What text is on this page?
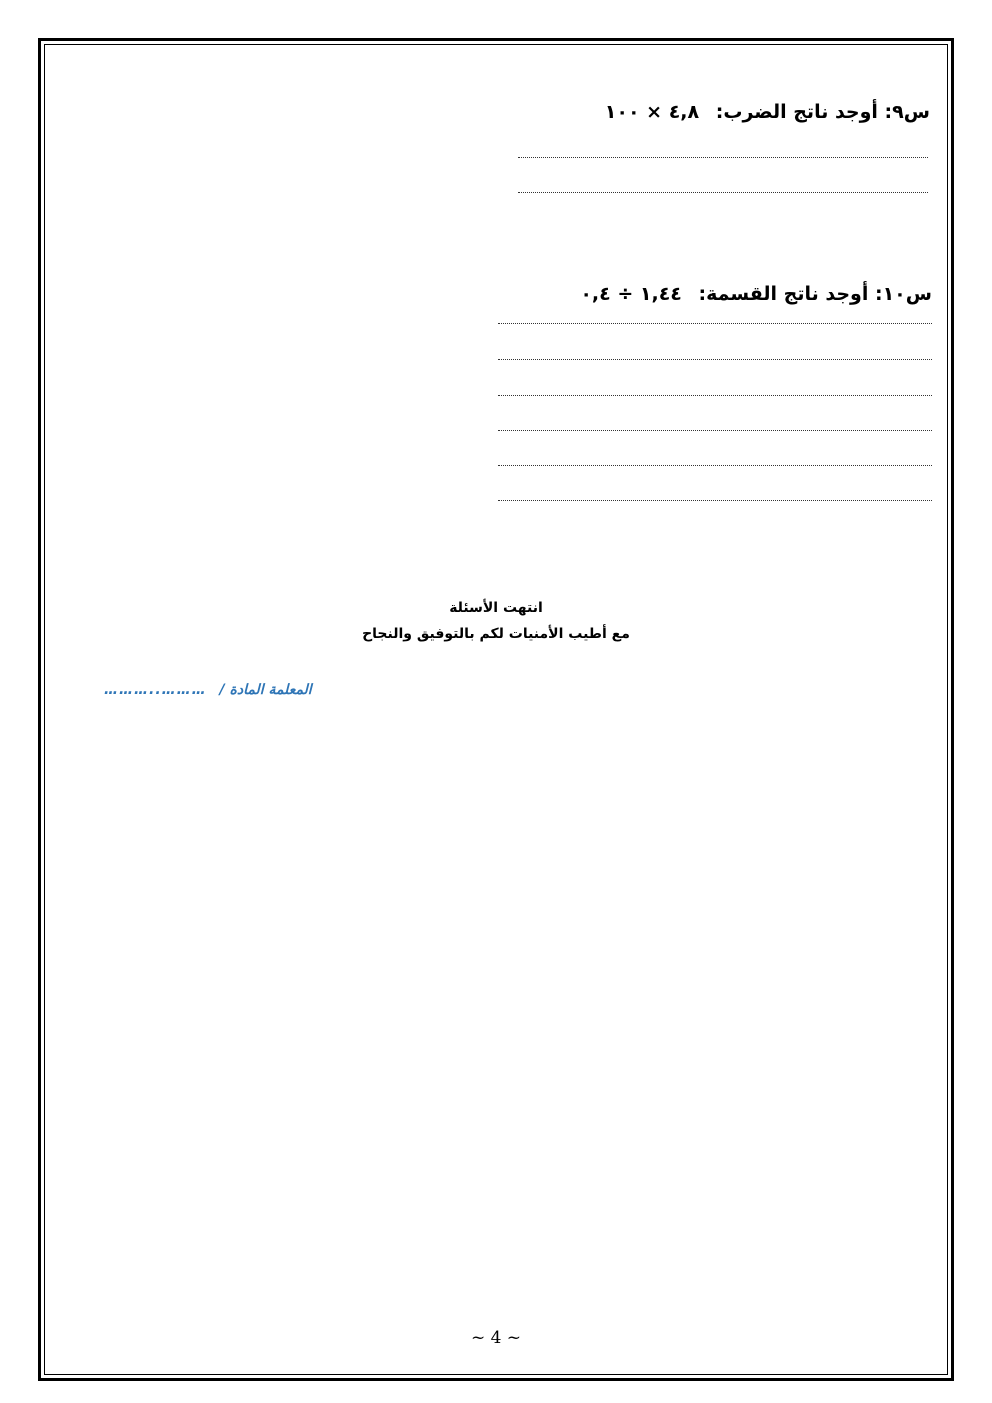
س٩: أوجد ناتج الضرب: ٤,٨ × ١٠٠
س١٠: أوجد ناتج القسمة: ١,٤٤ ÷ ٠,٤
انتهت الأسئلة
مع أطيب الأمنيات لكم بالتوفيق والنجاح
المعلمة المادة / ………..………
~ 4 ~
